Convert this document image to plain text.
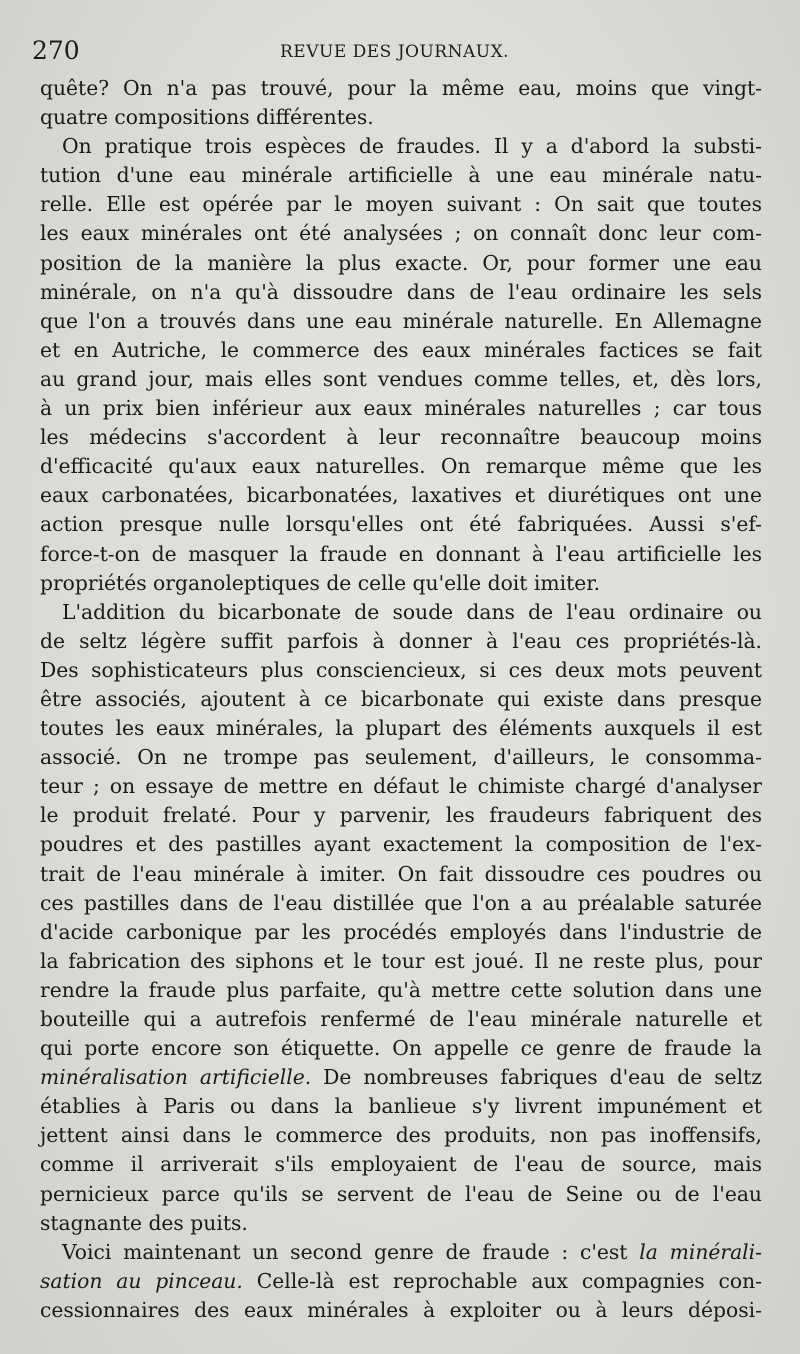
270	REVUE DES JOURNAUX.
quête? On n'a pas trouvé, pour la même eau, moins que vingt-
quatre compositions différentes.
On pratique trois espèces de fraudes. Il y a d'abord la substi-
tution d'une eau minérale artificielle à une eau minérale natu-
relle. Elle est opérée par le moyen suivant : On sait que toutes
les eaux minérales ont été analysées ; on connaît donc leur com-
position de la manière la plus exacte. Or, pour former une eau
minérale, on n'a qu'à dissoudre dans de l'eau ordinaire les sels
que l'on a trouvés dans une eau minérale naturelle. En Allemagne
et en Autriche, le commerce des eaux minérales factices se fait
au grand jour, mais elles sont vendues comme telles, et, dès lors,
à un prix bien inférieur aux eaux minérales naturelles ; car tous
les médecins s'accordent à leur reconnaître beaucoup moins
d'efficacité qu'aux eaux naturelles. On remarque même que les
eaux carbonatées, bicarbonatées, laxatives et diurétiques ont une
action presque nulle lorsqu'elles ont été fabriquées. Aussi s'ef-
force-t-on de masquer la fraude en donnant à l'eau artificielle les
propriétés organoleptiques de celle qu'elle doit imiter.
L'addition du bicarbonate de soude dans de l'eau ordinaire ou
de seltz légère suffit parfois à donner à l'eau ces propriétés-là.
Des sophisticateurs plus consciencieux, si ces deux mots peuvent
être associés, ajoutent à ce bicarbonate qui existe dans presque
toutes les eaux minérales, la plupart des éléments auxquels il est
associé. On ne trompe pas seulement, d'ailleurs, le consomma-
teur ; on essaye de mettre en défaut le chimiste chargé d'analyser
le produit frelaté. Pour y parvenir, les fraudeurs fabriquent des
poudres et des pastilles ayant exactement la composition de l'ex-
trait de l'eau minérale à imiter. On fait dissoudre ces poudres ou
ces pastilles dans de l'eau distillée que l'on a au préalable saturée
d'acide carbonique par les procédés employés dans l'industrie de
la fabrication des siphons et le tour est joué. Il ne reste plus, pour
rendre la fraude plus parfaite, qu'à mettre cette solution dans une
bouteille qui a autrefois renfermé de l'eau minérale naturelle et
qui porte encore son étiquette. On appelle ce genre de fraude la
minéralisation artificielle. De nombreuses fabriques d'eau de seltz
établies à Paris ou dans la banlieue s'y livrent impunément et
jettent ainsi dans le commerce des produits, non pas inoffensifs,
comme il arriverait s'ils employaient de l'eau de source, mais
pernicieux parce qu'ils se servent de l'eau de Seine ou de l'eau
stagnante des puits.
Voici maintenant un second genre de fraude : c'est la minérali-
sation au pinceau. Celle-là est reprochable aux compagnies con-
cessionnaires des eaux minérales à exploiter ou à leurs déposi-
